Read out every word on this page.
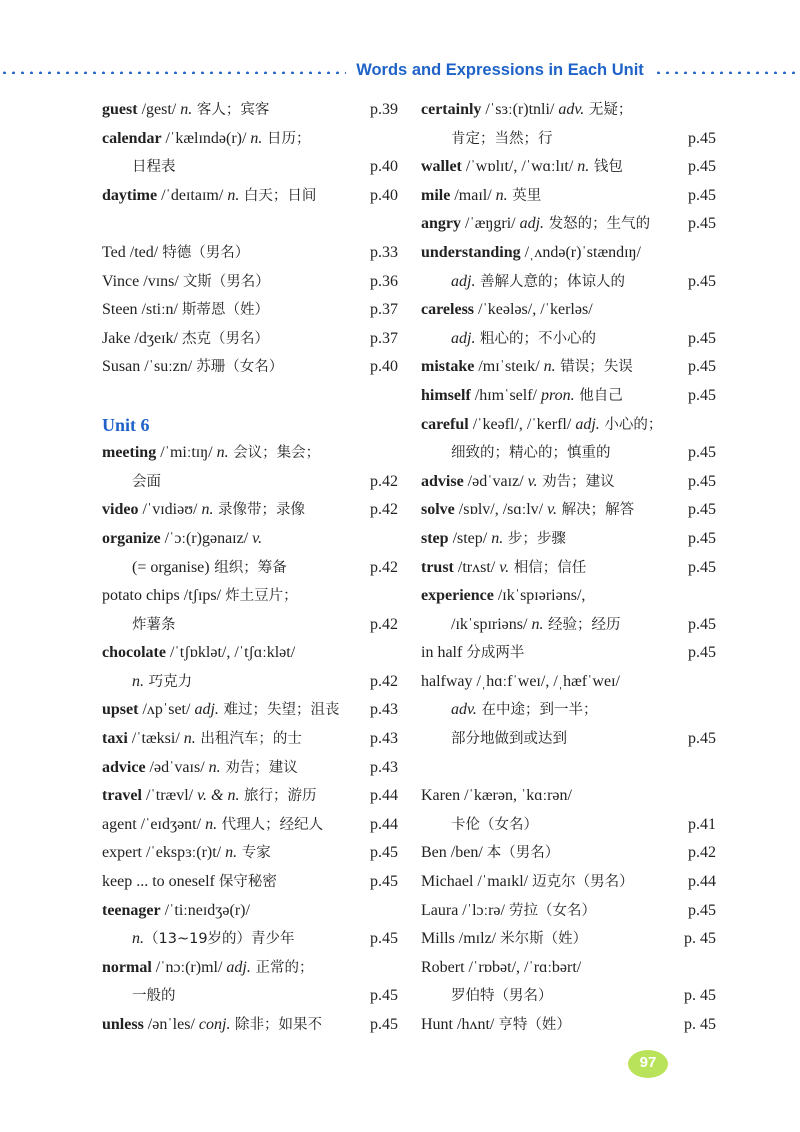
Words and Expressions in Each Unit
guest /gest/ n. 客人；宾客	p.39
calendar /ˈkælɪndə(r)/ n. 日历；
日程表	p.40
daytime /ˈdeɪtaɪm/ n. 白天；日间	p.40
Ted /ted/ 特德（男名）	p.33
Vince /vɪns/ 文斯（男名）	p.36
Steen /stiːn/ 斯蒂恩（姓）	p.37
Jake /dʒeɪk/ 杰克（男名）	p.37
Susan /ˈsuːzn/ 苏珊（女名）	p.40
Unit 6
meeting /ˈmiːtɪŋ/ n. 会议；集会；
会面	p.42
video /ˈvɪdiəʊ/ n. 录像带；录像	p.42
organize /ˈɔː(r)gənaɪz/ v.
(= organise) 组织；筹备	p.42
potato chips /tʃɪps/ 炸土豆片；
炸薯条	p.42
chocolate /ˈtʃɒklət/, /ˈtʃɑːklət/
n. 巧克力	p.42
upset /ʌpˈset/ adj. 难过；失望；沮丧 p.43
taxi /ˈtæksi/ n. 出租汽车；的士	p.43
advice /ədˈvaɪs/ n. 劝告；建议	p.43
travel /ˈtrævl/ v. & n. 旅行；游历	p.44
agent /ˈeɪdʒənt/ n. 代理人；经纪人	p.44
expert /ˈekspɜː(r)t/ n. 专家	p.45
keep ... to oneself 保守秘密	p.45
teenager /ˈtiːneɪdʒə(r)/
n.（13~19岁的）青少年	p.45
normal /ˈnɔː(r)ml/ adj. 正常的；
一般的	p.45
unless /ənˈles/ conj. 除非；如果不	p.45
certainly /ˈsɜː(r)tnli/ adv. 无疑；
肯定；当然；行	p.45
wallet /ˈwɒlɪt/, /ˈwɑːlɪt/ n. 钱包	p.45
mile /maɪl/ n. 英里	p.45
angry /ˈæŋgri/ adj. 发怒的；生气的 p.45
understanding /ˌʌndə(r)ˈstændɪŋ/
adj. 善解人意的；体谅人的	p.45
careless /ˈkeələs/, /ˈkerləs/
adj. 粗心的；不小心的	p.45
mistake /mɪˈsteɪk/ n. 错误；失误	p.45
himself /hɪmˈself/ pron. 他自己	p.45
careful /ˈkeəfl/, /ˈkerfl/ adj. 小心的；
细致的；精心的；慎重的	p.45
advise /ədˈvaɪz/ v. 劝告；建议	p.45
solve /sɒlv/, /sɑːlv/ v. 解决；解答	p.45
step /step/ n. 步；步骤	p.45
trust /trʌst/ v. 相信；信任	p.45
experience /ɪkˈspɪəriəns/,
/ɪkˈspɪriəns/ n. 经验；经历	p.45
in half 分成两半	p.45
halfway /ˌhɑːfˈweɪ/, /ˌhæfˈweɪ/
adv. 在中途；到一半；
部分地做到或达到	p.45
Karen /ˈkærən, ˈkɑːrən/
卡伦（女名）	p.41
Ben /ben/ 本（男名）	p.42
Michael /ˈmaɪkl/ 迈克尔（男名）	p.44
Laura /ˈlɔːrə/ 劳拉（女名）	p.45
Mills /mɪlz/ 米尔斯（姓）	p. 45
Robert /ˈrɒbət/, /ˈrɑːbərt/
罗伯特（男名）	p. 45
Hunt /hʌnt/ 亨特（姓）	p. 45
97
